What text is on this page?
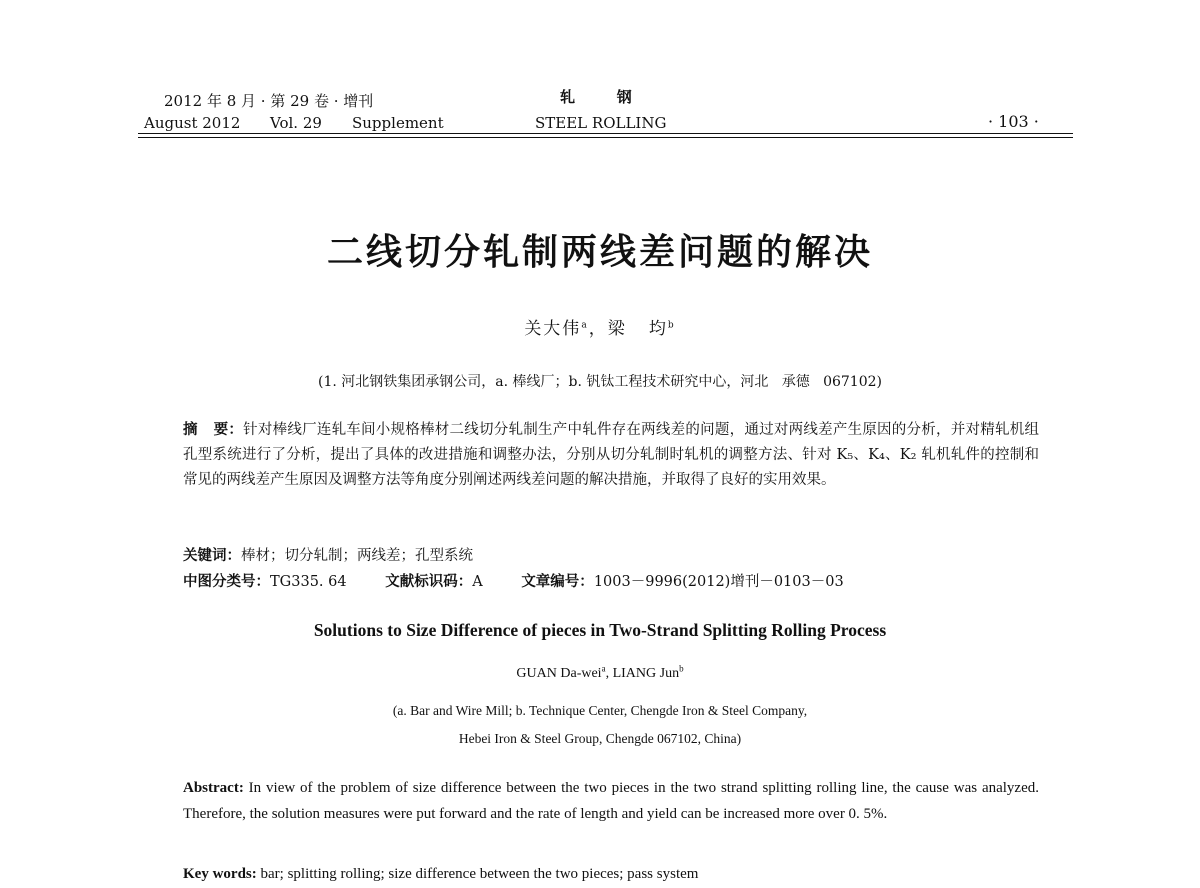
2012 年 8 月 · 第 29 卷 · 增刊
August 2012 Vol. 29 Supplement
轧        钢
STEEL ROLLING	· 103 ·
二线切分轧制两线差问题的解决
关大伟$^a$，梁   均$^b$
(1. 河北钢铁集团承钢公司，a. 棒线厂；b. 钒钛工程技术研究中心，河北   承德   067102)
摘   要：针对棒线厂连轧车间小规格棒材二线切分轧制生产中轧件存在两线差的问题，通过对两线差产生原因的分析，并对精轧机组孔型系统进行了分析，提出了具体的改进措施和调整办法，分别从切分轧制时轧机的调整方法、针对 K₅、K₄、K₂ 轧机轧件的控制和常见的两线差产生原因及调整方法等角度分别阐述两线差问题的解决措施，并取得了良好的实用效果。
关键词：棒材；切分轧制；两线差；孔型系统
中图分类号：TG335. 64	文献标识码：A	文章编号：1003－9996(2012)增刊－0103－03
Solutions to Size Difference of pieces in Two-Strand Splitting Rolling Process
GUAN Da-wei$^a$, LIANG Jun$^b$
(a. Bar and Wire Mill; b. Technique Center, Chengde Iron & Steel Company,
Hebei Iron & Steel Group, Chengde 067102, China)
Abstract: In view of the problem of size difference between the two pieces in the two strand splitting rolling line, the cause was analyzed. Therefore, the solution measures were put forward and the rate of length and yield can be increased more over 0. 5%.
Key words: bar; splitting rolling; size difference between the two pieces; pass system
